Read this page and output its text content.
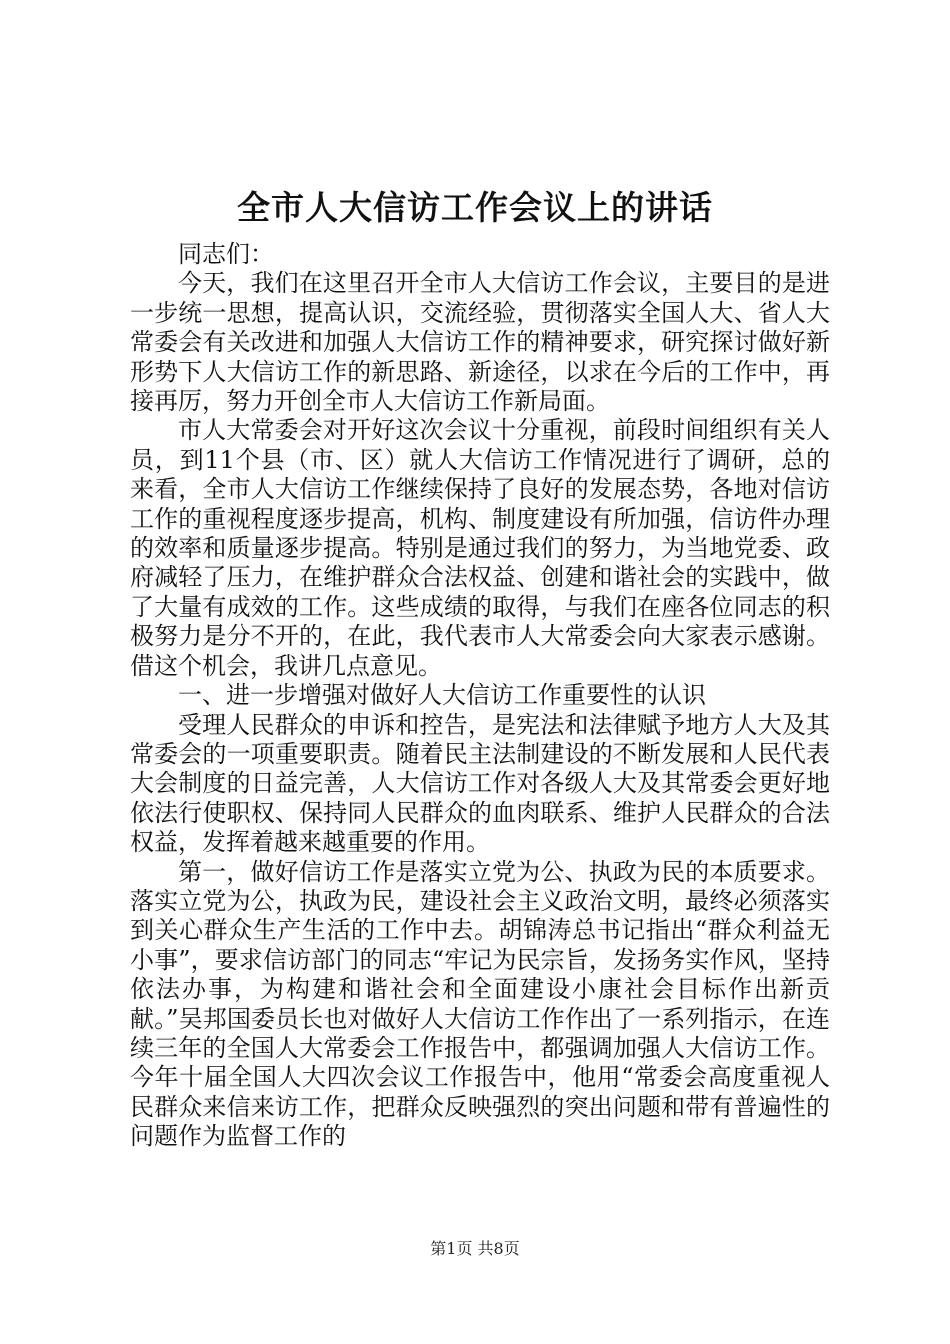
全市人大信访工作会议上的讲话

同志们：

今天，我们在这里召开全市人大信访工作会议，主要目的是进一步统一思想，提高认识，交流经验，贯彻落实全国人大、省人大常委会有关改进和加强人大信访工作的精神要求，研究探讨做好新形势下人大信访工作的新思路、新途径，以求在今后的工作中，再接再厉，努力开创全市人大信访工作新局面。

市人大常委会对开好这次会议十分重视，前段时间组织有关人员，到11个县（市、区）就人大信访工作情况进行了调研，总的来看，全市人大信访工作继续保持了良好的发展态势，各地对信访工作的重视程度逐步提高，机构、制度建设有所加强，信访件办理的效率和质量逐步提高。特别是通过我们的努力，为当地党委、政府减轻了压力，在维护群众合法权益、创建和谐社会的实践中，做了大量有成效的工作。这些成绩的取得，与我们在座各位同志的积极努力是分不开的，在此，我代表市人大常委会向大家表示感谢。借这个机会，我讲几点意见。

一、进一步增强对做好人大信访工作重要性的认识

受理人民群众的申诉和控告，是宪法和法律赋予地方人大及其常委会的一项重要职责。随着民主法制建设的不断发展和人民代表大会制度的日益完善，人大信访工作对各级人大及其常委会更好地依法行使职权、保持同人民群众的血肉联系、维护人民群众的合法权益，发挥着越来越重要的作用。

第一，做好信访工作是落实立党为公、执政为民的本质要求。落实立党为公，执政为民，建设社会主义政治文明，最终必须落实到关心群众生产生活的工作中去。胡锦涛总书记指出“群众利益无小事”，要求信访部门的同志“牢记为民宗旨，发扬务实作风，坚持依法办事，为构建和谐社会和全面建设小康社会目标作出新贡献。”吴邦国委员长也对做好人大信访工作作出了一系列指示，在连续三年的全国人大常委会工作报告中，都强调加强人大信访工作。今年十届全国人大四次会议工作报告中，他用“常委会高度重视人民群众来信来访工作，把群众反映强烈的突出问题和带有普遍性的问题作为监督工作的

第1页 共8页
